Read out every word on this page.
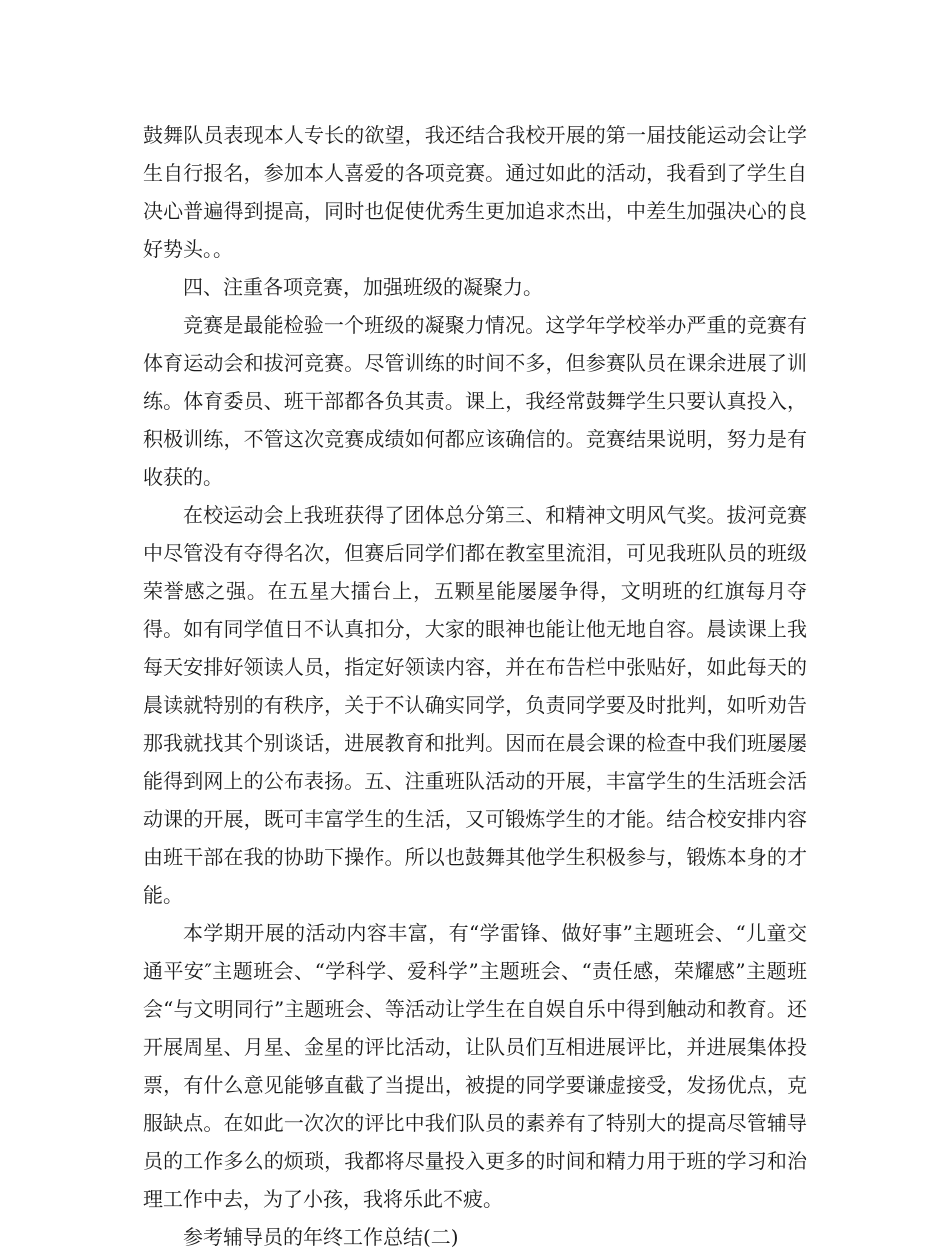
鼓舞队员表现本人专长的欲望，我还结合我校开展的第一届技能运动会让学生自行报名，参加本人喜爱的各项竞赛。通过如此的活动，我看到了学生自决心普遍得到提高，同时也促使优秀生更加追求杰出，中差生加强决心的良好势头。。

四、注重各项竞赛，加强班级的凝聚力。

竞赛是最能检验一个班级的凝聚力情况。这学年学校举办严重的竞赛有体育运动会和拔河竞赛。尽管训练的时间不多，但参赛队员在课余进展了训练。体育委员、班干部都各负其责。课上，我经常鼓舞学生只要认真投入，积极训练，不管这次竞赛成绩如何都应该确信的。竞赛结果说明，努力是有收获的。

在校运动会上我班获得了团体总分第三、和精神文明风气奖。拔河竞赛中尽管没有夺得名次，但赛后同学们都在教室里流泪，可见我班队员的班级荣誉感之强。在五星大擂台上，五颗星能屡屡争得，文明班的红旗每月夺得。如有同学值日不认真扣分，大家的眼神也能让他无地自容。晨读课上我每天安排好领读人员，指定好领读内容，并在布告栏中张贴好，如此每天的晨读就特别的有秩序，关于不认确实同学，负责同学要及时批判，如听劝告那我就找其个别谈话，进展教育和批判。因而在晨会课的检查中我们班屡屡能得到网上的公布表扬。五、注重班队活动的开展，丰富学生的生活班会活动课的开展，既可丰富学生的生活，又可锻炼学生的才能。结合校安排内容由班干部在我的协助下操作。所以也鼓舞其他学生积极参与，锻炼本身的才能。

本学期开展的活动内容丰富，有“学雷锋、做好事”主题班会、“儿童交通平安″主题班会、“学科学、爱科学”主题班会、“责任感，荣耀感”主题班会“与文明同行”主题班会、等活动让学生在自娱自乐中得到触动和教育。还开展周星、月星、金星的评比活动，让队员们互相进展评比，并进展集体投票，有什么意见能够直截了当提出，被提的同学要谦虚接受，发扬优点，克服缺点。在如此一次次的评比中我们队员的素养有了特别大的提高尽管辅导员的工作多么的烦琐，我都将尽量投入更多的时间和精力用于班的学习和治理工作中去，为了小孩，我将乐此不疲。

参考辅导员的年终工作总结(二)
